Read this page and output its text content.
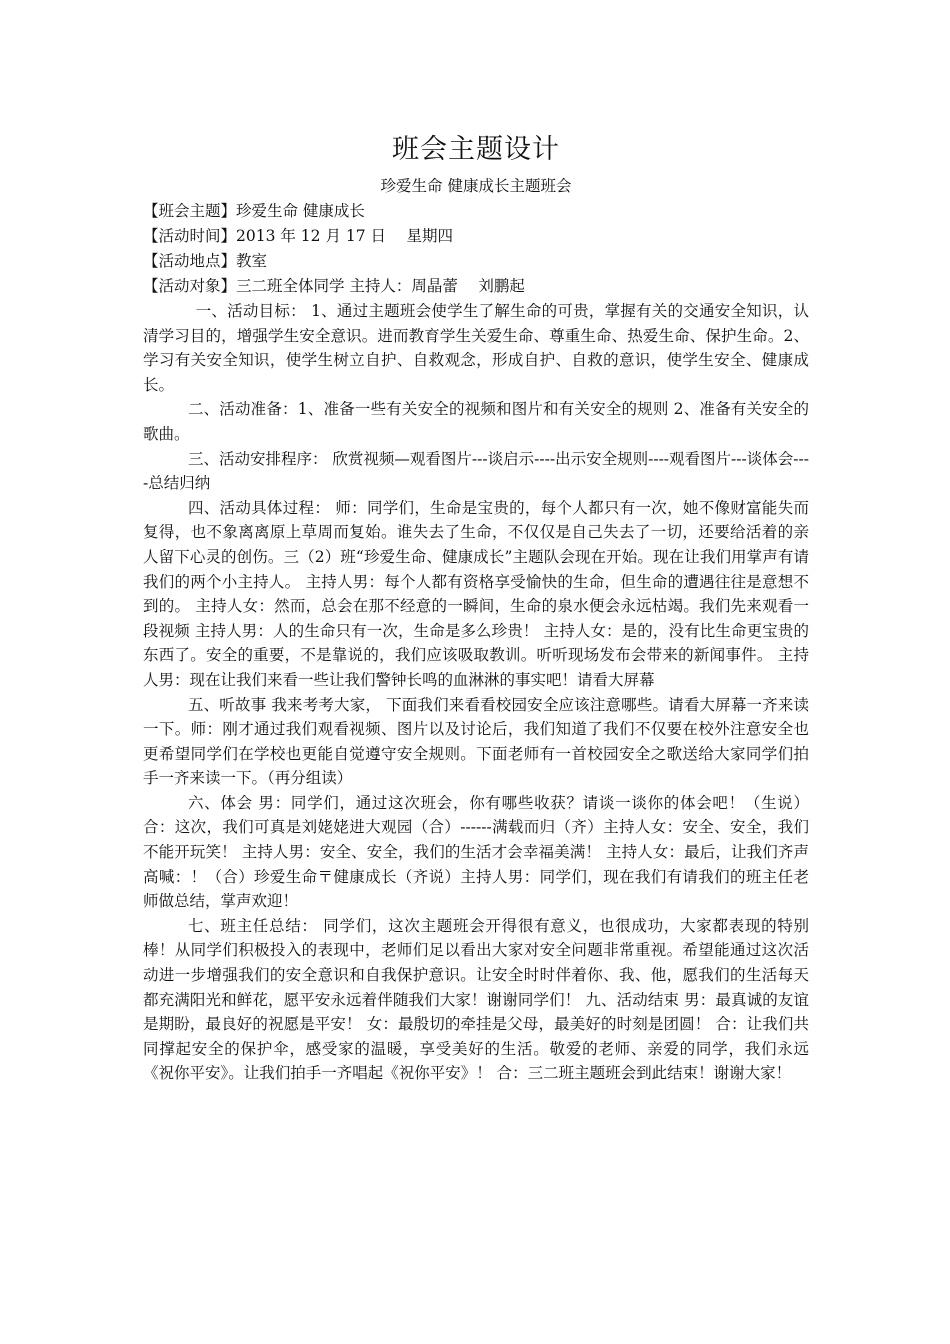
班会主题设计

珍爱生命 健康成长主题班会

【班会主题】珍爱生命 健康成长

【活动时间】2013 年 12 月 17 日　 星期四

【活动地点】教室

【活动对象】三二班全体同学 主持人：周晶蕾　 刘鹏起

一、活动目标： 1、通过主题班会使学生了解生命的可贵，掌握有关的交通安全知识，认清学习目的，增强学生安全意识。进而教育学生关爱生命、尊重生命、热爱生命、保护生命。2、学习有关安全知识，使学生树立自护、自救观念，形成自护、自救的意识，使学生安全、健康成长。

二、活动准备：1、准备一些有关安全的视频和图片和有关安全的规则 2、准备有关安全的歌曲。

三、活动安排程序： 欣赏视频—观看图片---谈启示----出示安全规则----观看图片---谈体会----总结归纳

四、活动具体过程： 师：同学们，生命是宝贵的，每个人都只有一次，她不像财富能失而复得，也不象离离原上草周而复始。谁失去了生命，不仅仅是自己失去了一切，还要给活着的亲人留下心灵的创伤。三（2）班“珍爱生命、健康成长”主题队会现在开始。现在让我们用掌声有请我们的两个小主持人。 主持人男：每个人都有资格享受愉快的生命，但生命的遭遇往往是意想不到的。 主持人女：然而，总会在那不经意的一瞬间，生命的泉水便会永远枯竭。我们先来观看一段视频 主持人男：人的生命只有一次，生命是多么珍贵！ 主持人女：是的，没有比生命更宝贵的东西了。安全的重要，不是靠说的，我们应该吸取教训。听听现场发布会带来的新闻事件。 主持人男：现在让我们来看一些让我们警钟长鸣的血淋淋的事实吧！请看大屏幕

五、听故事 我来考考大家， 下面我们来看看校园安全应该注意哪些。请看大屏幕一齐来读一下。师：刚才通过我们观看视频、图片以及讨论后，我们知道了我们不仅要在校外注意安全也更希望同学们在学校也更能自觉遵守安全规则。下面老师有一首校园安全之歌送给大家同学们拍手一齐来读一下。（再分组读）

六、体会 男：同学们，通过这次班会，你有哪些收获？请谈一谈你的体会吧！（生说）合：这次，我们可真是刘姥姥进大观园（合）------满载而归（齐）主持人女：安全、安全，我们不能开玩笑！ 主持人男：安全、安全，我们的生活才会幸福美满！ 主持人女：最后，让我们齐声高喊：！（合）珍爱生命〒健康成长（齐说）主持人男：同学们，现在我们有请我们的班主任老师做总结，掌声欢迎！

七、班主任总结： 同学们，这次主题班会开得很有意义，也很成功，大家都表现的特别棒！从同学们积极投入的表现中，老师们足以看出大家对安全问题非常重视。希望能通过这次活动进一步增强我们的安全意识和自我保护意识。让安全时时伴着你、我、他，愿我们的生活每天都充满阳光和鲜花，愿平安永远着伴随我们大家！谢谢同学们！ 九、活动结束 男：最真诚的友谊是期盼，最良好的祝愿是平安！ 女：最殷切的牵挂是父母，最美好的时刻是团圆！ 合：让我们共同撑起安全的保护伞，感受家的温暖，享受美好的生活。敬爱的老师、亲爱的同学，我们永远《祝你平安》。让我们拍手一齐唱起《祝你平安》！ 合：三二班主题班会到此结束！谢谢大家！
